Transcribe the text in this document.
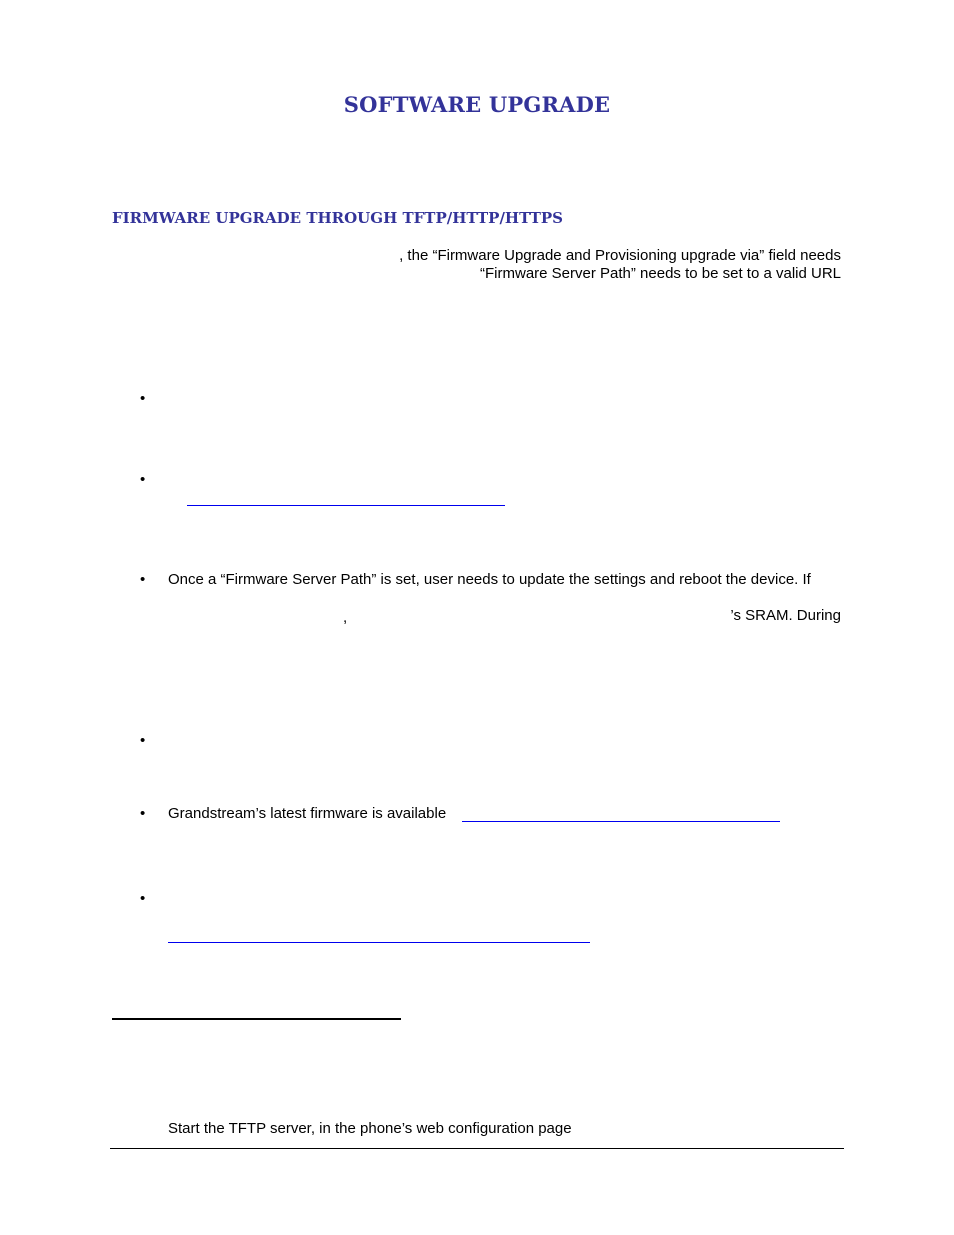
SOFTWARE UPGRADE
FIRMWARE UPGRADE THROUGH TFTP/HTTP/HTTPS
, the “Firmware Upgrade and Provisioning upgrade via” field needs
“Firmware Server Path” needs to be set to a valid URL
•
•
• Once a “Firmware Server Path” is set, user needs to update the settings and reboot the device. If
’s SRAM. During
,
•
• Grandstream’s latest firmware is available
•
Start the TFTP server, in the phone’s web configuration page
